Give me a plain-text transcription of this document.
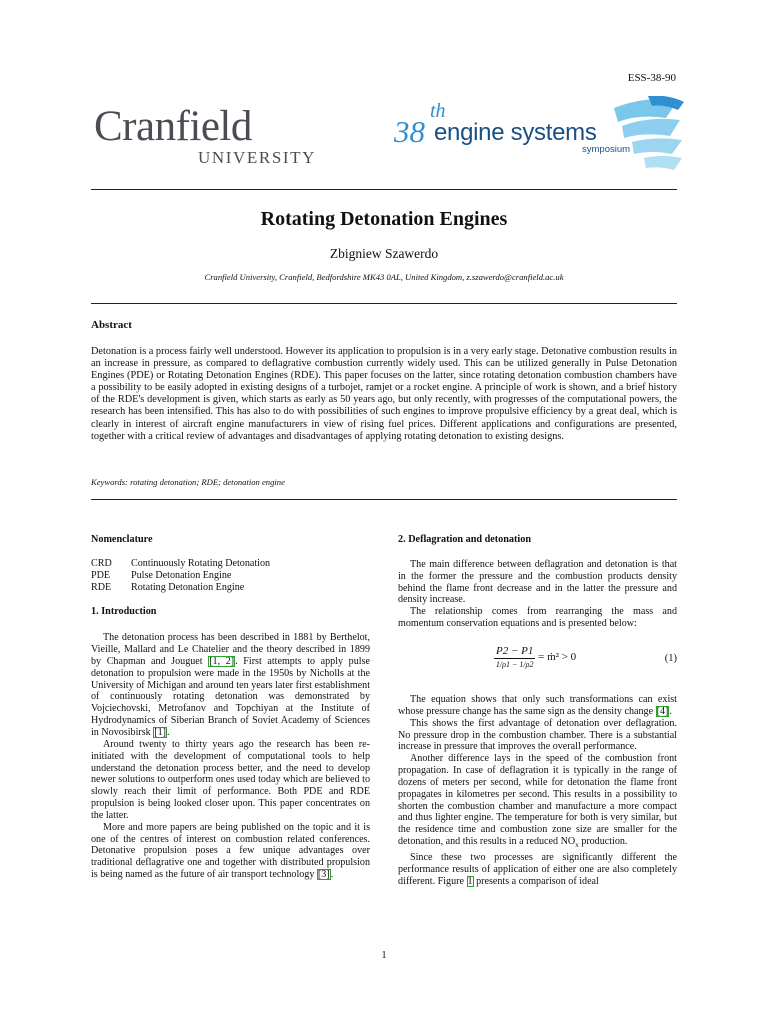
ESS-38-90
Cranfield
UNIVERSITY
38
th
engine systems
symposium
Rotating Detonation Engines
Zbigniew Szawerdo
Cranfield University, Cranfield, Bedfordshire MK43 0AL, United Kingdom, z.szawerdo@cranfield.ac.uk
Abstract
Detonation is a process fairly well understood. However its application to propulsion is in a very early stage. Detonative combustion results in an increase in pressure, as compared to deflagrative combustion currently widely used. This can be utilized generally in Pulse Detonation Engines (PDE) or Rotating Detonation Engines (RDE). This paper focuses on the latter, since rotating detonation combustion chambers have a possibility to be easily adopted in existing designs of a turbojet, ramjet or a rocket engine. A principle of work is shown, and a brief history of the RDE's development is given, which starts as early as 50 years ago, but only recently, with progresses of the computational powers, the research has been intensified. This has also to do with possibilities of such engines to improve propulsive efficiency by a great deal, which is clearly in interest of aircraft engine manufacturers in view of rising fuel prices. Different applications and configurations are presented, together with a critical review of advantages and disadvantages of applying rotating detonation to existing designs.
Keywords: rotating detonation; RDE; detonation engine
Nomenclature
CRD	Continuously Rotating Detonation
PDE	Pulse Detonation Engine
RDE	Rotating Detonation Engine
1. Introduction

The detonation process has been described in 1881 by Berthelot, Vieille, Mallard and Le Chatelier and the theory described in 1899 by Chapman and Jouguet [1, 2]. First attempts to apply pulse detonation to propulsion were made in the 1950s by Nicholls at the University of Michigan and around ten years later first establishment of continuously rotating detonation was demonstrated by Vojciechovski, Metrofanov and Topchiyan at the Institute of Hydrodynamics of Siberian Branch of Soviet Academy of Sciences in Novosibirsk [1].

Around twenty to thirty years ago the research has been re-initiated with the development of computational tools to help understand the detonation process better, and the need to develop newer solutions to outperform ones used today which are believed to slowly reach their limit of performance. Both PDE and RDE propulsion is being looked closer upon. This paper concentrates on the latter.

More and more papers are being published on the topic and it is one of the centres of interest on combustion related conferences. Detonative propulsion poses a few unique advantages over traditional deflagrative one and together with distributed propulsion is being named as the future of air transport technology [3].

2. Deflagration and detonation

The main difference between deflagration and detonation is that in the former the pressure and the combustion products density behind the flame front decrease and in the latter the pressure and density increase.

The relationship comes from rearranging the mass and momentum conservation equations and is presented below:

$\frac{P2 - P1}{1/\rho 1 - 1/\rho 2}$ = ṁ² > 0	(1)

The equation shows that only such transformations can exist whose pressure change has the same sign as the density change [4].

This shows the first advantage of detonation over deflagration. No pressure drop in the combustion chamber. There is a substantial increase in pressure that improves the overall performance.

Another difference lays in the speed of the combustion front propagation. In case of deflagration it is typically in the range of dozens of meters per second, while for detonation the flame front propagates in kilometres per second. This results in a possibility to shorten the combustion chamber and manufacture a more compact and thus lighter engine. The temperature for both is very similar, but the residence time and combustion zone size are smaller for the detonation, and this results in a reduced $NO_x$ production.

Since these two processes are significantly different the performance results of application of either one are also completely different. Figure 1 presents a comparison of ideal

1
